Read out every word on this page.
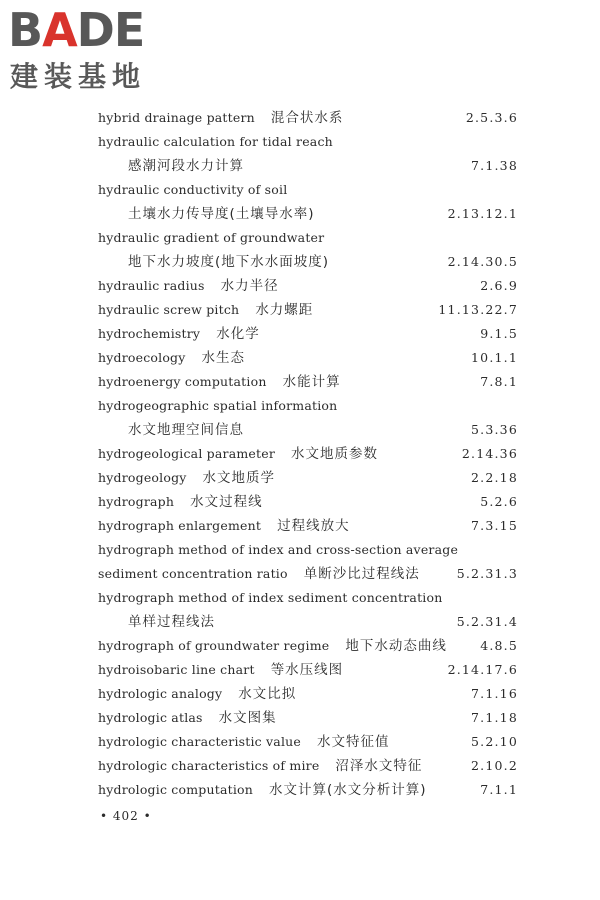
BADE
建装基地
hybrid drainage pattern 混合状水系	2.5.3.6
hydraulic calculation for tidal reach
感潮河段水力计算	7.1.38
hydraulic conductivity of soil
土壤水力传导度(土壤导水率)	2.13.12.1
hydraulic gradient of groundwater
地下水力坡度(地下水水面坡度)	2.14.30.5
hydraulic radius 水力半径	2.6.9
hydraulic screw pitch 水力螺距	11.13.22.7
hydrochemistry 水化学	9.1.5
hydroecology 水生态	10.1.1
hydroenergy computation 水能计算	7.8.1
hydrogeographic spatial information
水文地理空间信息	5.3.36
hydrogeological parameter 水文地质参数	2.14.36
hydrogeology 水文地质学	2.2.18
hydrograph 水文过程线	5.2.6
hydrograph enlargement 过程线放大	7.3.15
hydrograph method of index and cross-section average
sediment concentration ratio 单断沙比过程线法	5.2.31.3
hydrograph method of index sediment concentration
单样过程线法	5.2.31.4
hydrograph of groundwater regime 地下水动态曲线	4.8.5
hydroisobaric line chart 等水压线图	2.14.17.6
hydrologic analogy 水文比拟	7.1.16
hydrologic atlas 水文图集	7.1.18
hydrologic characteristic value 水文特征值	5.2.10
hydrologic characteristics of mire 沼泽水文特征	2.10.2
hydrologic computation 水文计算(水文分析计算)	7.1.1
• 402 •
